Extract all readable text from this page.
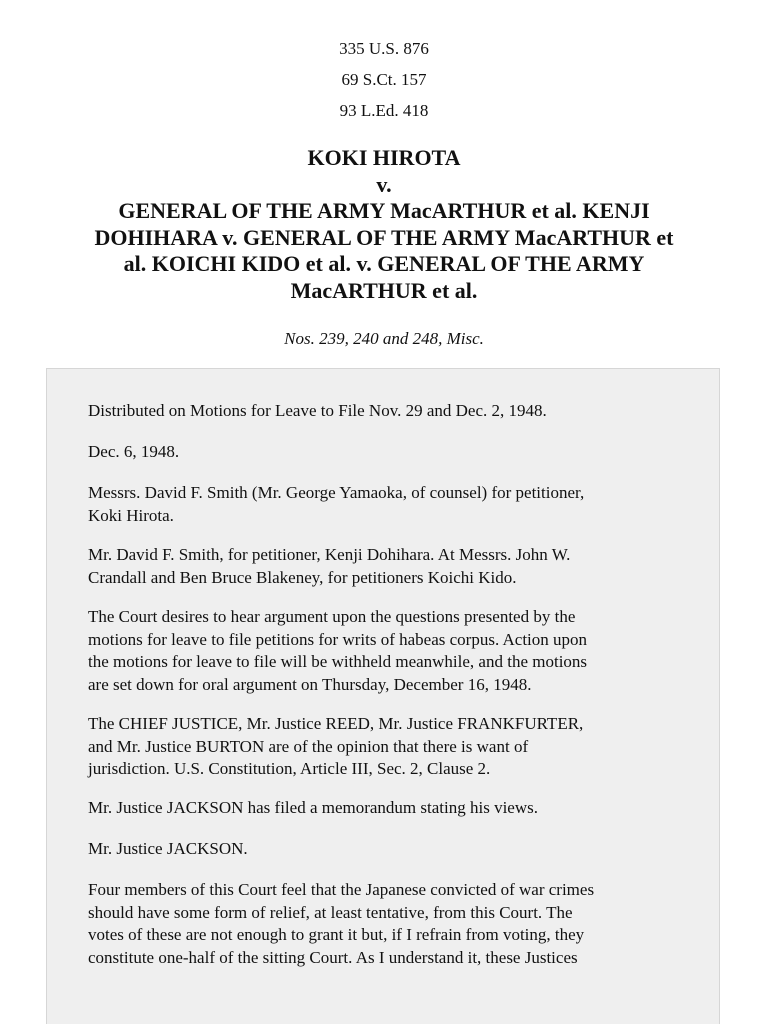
335 U.S. 876
69 S.Ct. 157
93 L.Ed. 418
KOKI HIROTA
v.
GENERAL OF THE ARMY MacARTHUR et al. KENJI
DOHIHARA v. GENERAL OF THE ARMY MacARTHUR et
al. KOICHI KIDO et al. v. GENERAL OF THE ARMY
MacARTHUR et al.
Nos. 239, 240 and 248, Misc.
Distributed on Motions for Leave to File Nov. 29 and Dec. 2, 1948.
Dec. 6, 1948.
Messrs. David F. Smith (Mr. George Yamaoka, of counsel) for petitioner,
Koki Hirota.
Mr. David F. Smith, for petitioner, Kenji Dohihara. At Messrs. John W.
Crandall and Ben Bruce Blakeney, for petitioners Koichi Kido.
The Court desires to hear argument upon the questions presented by the
motions for leave to file petitions for writs of habeas corpus. Action upon
the motions for leave to file will be withheld meanwhile, and the motions
are set down for oral argument on Thursday, December 16, 1948.
The CHIEF JUSTICE, Mr. Justice REED, Mr. Justice FRANKFURTER,
and Mr. Justice BURTON are of the opinion that there is want of
jurisdiction. U.S. Constitution, Article III, Sec. 2, Clause 2.
Mr. Justice JACKSON has filed a memorandum stating his views.
Mr. Justice JACKSON.
Four members of this Court feel that the Japanese convicted of war crimes
should have some form of relief, at least tentative, from this Court. The
votes of these are not enough to grant it but, if I refrain from voting, they
constitute one-half of the sitting Court. As I understand it, these Justices
